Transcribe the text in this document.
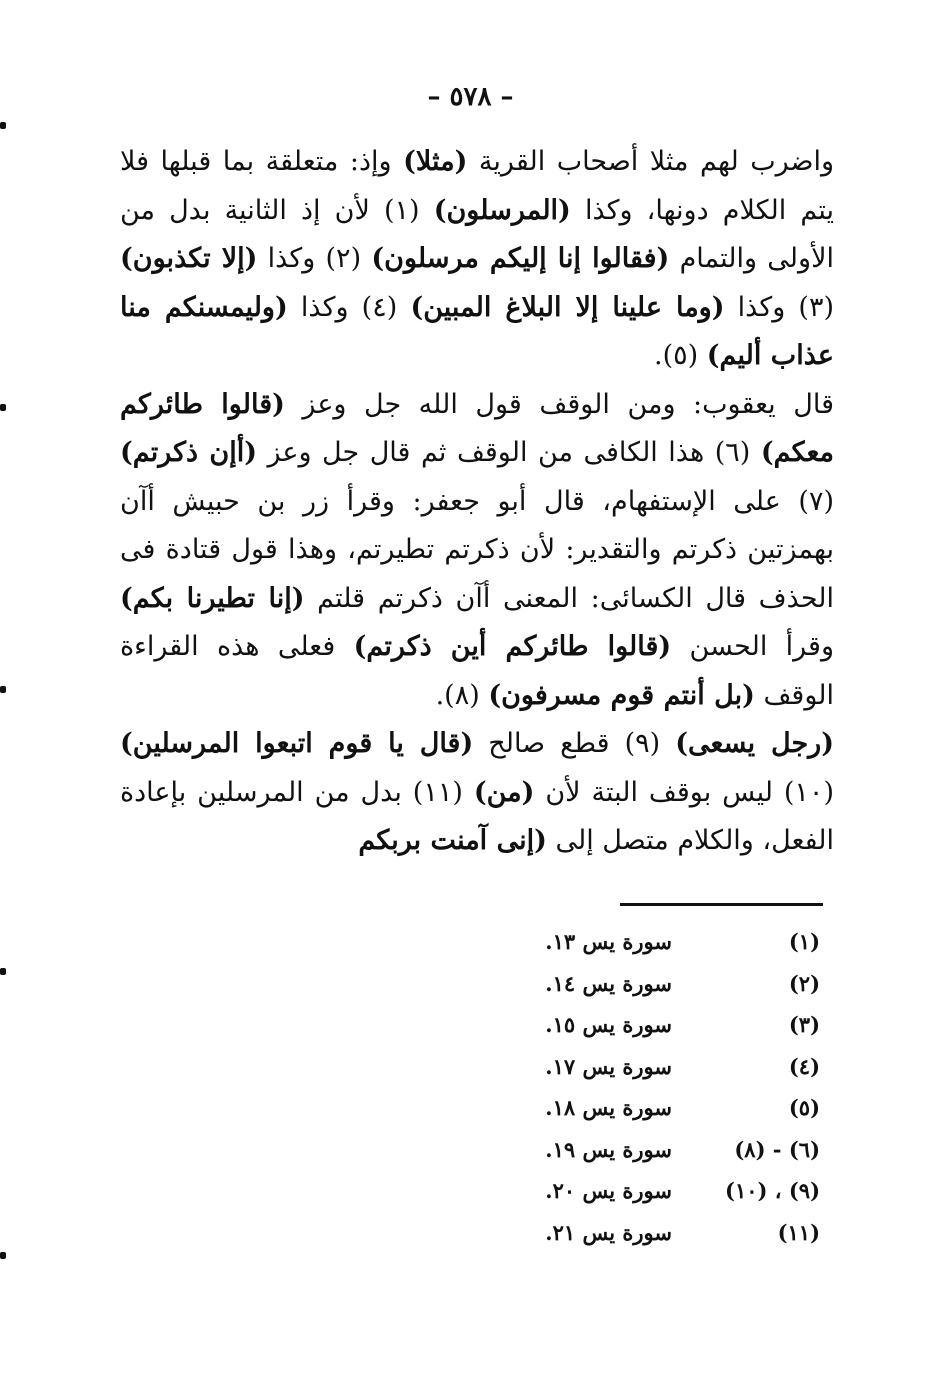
– ٥٧٨ –

واضرب لهم مثلا أصحاب القرية (مثلا) وإذ: متعلقة بما قبلها فلا يتم الكلام دونها، وكذا (المرسلون) (١) لأن إذ الثانية بدل من الأولى والتمام (فقالوا إنا إليكم مرسلون) (٢) وكذا (إلا تكذبون) (٣) وكذا (وما علينا إلا البلاغ المبين) (٤) وكذا (وليمسنكم منا عذاب أليم) (٥).

قال يعقوب: ومن الوقف قول الله جل وعز (قالوا طائركم معكم) (٦) هذا الكافى من الوقف ثم قال جل وعز (أإن ذكرتم) (٧) على الإستفهام، قال أبو جعفر: وقرأ زر بن حبيش أآن بهمزتين ذكرتم والتقدير: لأن ذكرتم تطيرتم، وهذا قول قتادة فى الحذف قال الكسائى: المعنى أآن ذكرتم قلتم (إنا تطيرنا بكم) وقرأ الحسن (قالوا طائركم أين ذكرتم) فعلى هذه القراءة الوقف (بل أنتم قوم مسرفون) (٨).

(رجل يسعى) (٩) قطع صالح (قال يا قوم اتبعوا المرسلين) (١٠) ليس بوقف البتة لأن (من) (١١) بدل من المرسلين بإعادة الفعل، والكلام متصل إلى (إنى آمنت بربكم

(١)
سورة يس ١٣.
(٢)
سورة يس ١٤.
(٣)
سورة يس ١٥.
(٤)
سورة يس ١٧.
(٥)
سورة يس ١٨.
(٦) - (٨)
سورة يس ١٩.
(٩) ، (١٠)
سورة يس ٢٠.
(١١)
سورة يس ٢١.
